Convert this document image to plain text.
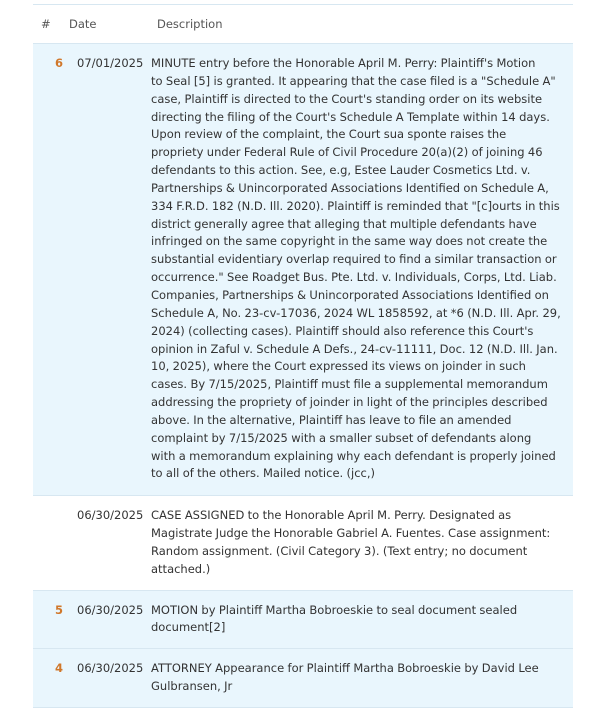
# Date	Description
6 07/01/2025 MINUTE entry before the Honorable April M. Perry: Plaintiff's Motion
to Seal [5] is granted. It appearing that the case filed is a "Schedule A"
case, Plaintiff is directed to the Court's standing order on its website
directing the filing of the Court's Schedule A Template within 14 days.
Upon review of the complaint, the Court sua sponte raises the
propriety under Federal Rule of Civil Procedure 20(a)(2) of joining 46
defendants to this action. See, e.g, Estee Lauder Cosmetics Ltd. v.
Partnerships & Unincorporated Associations Identified on Schedule A,
334 F.R.D. 182 (N.D. Ill. 2020). Plaintiff is reminded that "[c]ourts in this
district generally agree that alleging that multiple defendants have
infringed on the same copyright in the same way does not create the
substantial evidentiary overlap required to find a similar transaction or
occurrence." See Roadget Bus. Pte. Ltd. v. Individuals, Corps, Ltd. Liab.
Companies, Partnerships & Unincorporated Associations Identified on
Schedule A, No. 23-cv-17036, 2024 WL 1858592, at *6 (N.D. Ill. Apr. 29,
2024) (collecting cases). Plaintiff should also reference this Court's
opinion in Zaful v. Schedule A Defs., 24-cv-11111, Doc. 12 (N.D. Ill. Jan.
10, 2025), where the Court expressed its views on joinder in such
cases. By 7/15/2025, Plaintiff must file a supplemental memorandum
addressing the propriety of joinder in light of the principles described
above. In the alternative, Plaintiff has leave to file an amended
complaint by 7/15/2025 with a smaller subset of defendants along
with a memorandum explaining why each defendant is properly joined
to all of the others. Mailed notice. (jcc,)
06/30/2025 CASE ASSIGNED to the Honorable April M. Perry. Designated as
Magistrate Judge the Honorable Gabriel A. Fuentes. Case assignment:
Random assignment. (Civil Category 3). (Text entry; no document
attached.)
5 06/30/2025 MOTION by Plaintiff Martha Bobroeskie to seal document sealed
document[2]
4 06/30/2025 ATTORNEY Appearance for Plaintiff Martha Bobroeskie by David Lee
Gulbransen, Jr
